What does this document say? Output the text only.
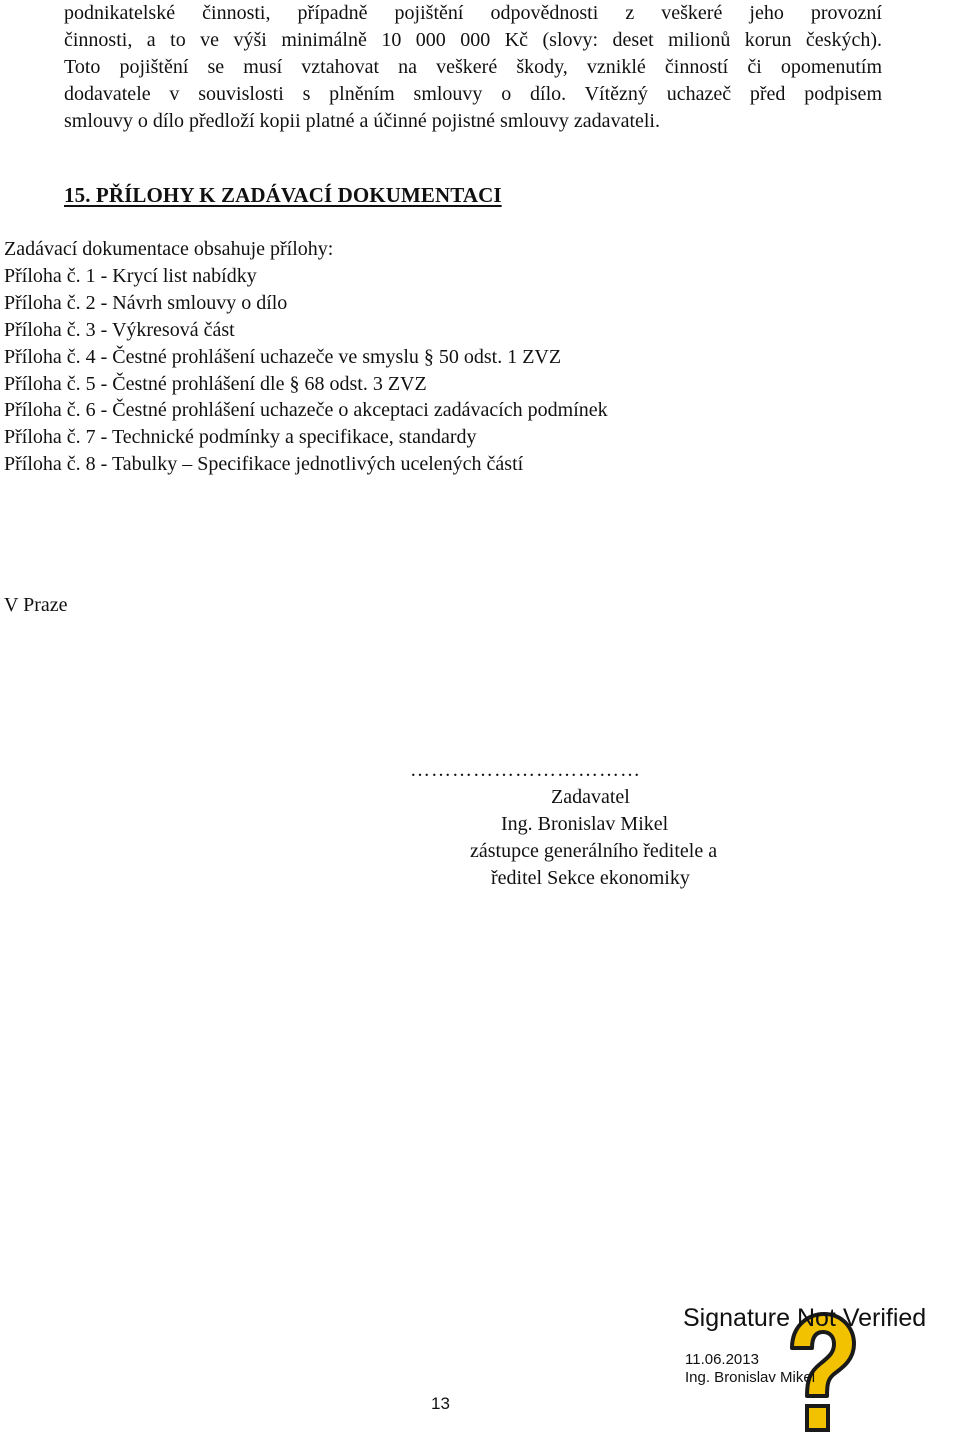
podnikatelské činnosti, případně pojištění odpovědnosti z veškeré jeho provozní
činnosti, a to ve výši minimálně 10 000 000 Kč (slovy: deset milionů korun českých).
Toto pojištění se musí vztahovat na veškeré škody, vzniklé činností či opomenutím
dodavatele v souvislosti s plněním smlouvy o dílo. Vítězný uchazeč před podpisem
smlouvy o dílo předloží kopii platné a účinné pojistné smlouvy zadavateli.
15. PŘÍLOHY K ZADÁVACÍ DOKUMENTACI
Zadávací dokumentace obsahuje přílohy:
Příloha č. 1 - Krycí list nabídky
Příloha č. 2 - Návrh smlouvy o dílo
Příloha č. 3 - Výkresová část
Příloha č. 4 - Čestné prohlášení uchazeče ve smyslu § 50 odst. 1 ZVZ
Příloha č. 5 - Čestné prohlášení dle § 68 odst. 3 ZVZ
Příloha č. 6 - Čestné prohlášení uchazeče o akceptaci zadávacích podmínek
Příloha č. 7 - Technické podmínky a specifikace, standardy
Příloha č. 8 - Tabulky – Specifikace jednotlivých ucelených částí
V Praze
……………………………
Zadavatel
Ing. Bronislav Mikel
zástupce generálního ředitele a
ředitel Sekce ekonomiky
13
Signature Not Verified
11.06.2013
Ing. Bronislav Mikel
